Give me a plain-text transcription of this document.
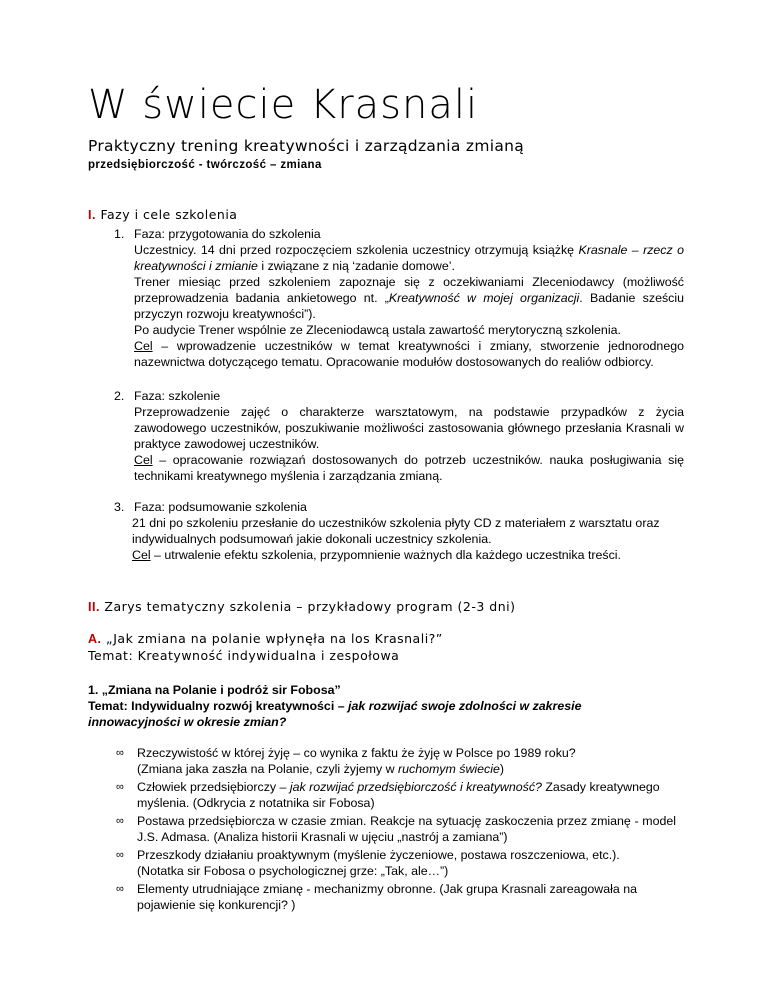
W świecie Krasnali
Praktyczny trening kreatywności i zarządzania zmianą
przedsiębiorczość - twórczość – zmiana
I. Fazy i cele szkolenia
1. Faza: przygotowania do szkolenia

Uczestnicy. 14 dni przed rozpoczęciem szkolenia uczestnicy otrzymują książkę Krasnale – rzecz o kreatywności i zmianie i związane z nią ‘zadanie domowe’.

Trener miesiąc przed szkoleniem zapoznaje się z oczekiwaniami Zleceniodawcy (możliwość przeprowadzenia badania ankietowego nt. „Kreatywność w mojej organizacji. Badanie sześciu przyczyn rozwoju kreatywności”).

Po audycie Trener wspólnie ze Zleceniodawcą ustala zawartość merytoryczną szkolenia.

Cel – wprowadzenie uczestników w temat kreatywności i zmiany, stworzenie jednorodnego nazewnictwa dotyczącego tematu. Opracowanie modułów dostosowanych do realiów odbiorcy.

2. Faza: szkolenie

Przeprowadzenie zajęć o charakterze warsztatowym, na podstawie przypadków z życia zawodowego uczestników, poszukiwanie możliwości zastosowania głównego przesłania Krasnali w praktyce zawodowej uczestników.

Cel – opracowanie rozwiązań dostosowanych do potrzeb uczestników. nauka posługiwania się technikami kreatywnego myślenia i zarządzania zmianą.

3. Faza: podsumowanie szkolenia

21 dni po szkoleniu przesłanie do uczestników szkolenia płyty CD z materiałem z warsztatu oraz indywidualnych podsumowań jakie dokonali uczestnicy szkolenia.

Cel – utrwalenie efektu szkolenia, przypomnienie ważnych dla każdego uczestnika treści.

II. Zarys tematyczny szkolenia – przykładowy program (2-3 dni)
A. „Jak zmiana na polanie wpłynęła na los Krasnali?”
Temat: Kreatywność indywidualna i zespołowa
1. „Zmiana na Polanie i podróż sir Fobosa”
Temat: Indywidualny rozwój kreatywności – jak rozwijać swoje zdolności w zakresie innowacyjności w okresie zmian?
∞ Rzeczywistość w której żyję – co wynika z faktu że żyję w Polsce po 1989 roku?

(Zmiana jaka zaszła na Polanie, czyli żyjemy w ruchomym świecie)

∞ Człowiek przedsiębiorczy – jak rozwijać przedsiębiorczość i kreatywność? Zasady kreatywnego myślenia. (Odkrycia z notatnika sir Fobosa)

∞ Postawa przedsiębiorcza w czasie zmian. Reakcje na sytuację zaskoczenia przez zmianę - model J.S. Admasa. (Analiza historii Krasnali w ujęciu „nastrój a zamiana”)

∞ Przeszkody działaniu proaktywnym (myślenie życzeniowe, postawa roszczeniowa, etc.).

(Notatka sir Fobosa o psychologicznej grze: „Tak, ale…”)

∞ Elementy utrudniające zmianę - mechanizmy obronne. (Jak grupa Krasnali zareagowała na pojawienie się konkurencji? )
